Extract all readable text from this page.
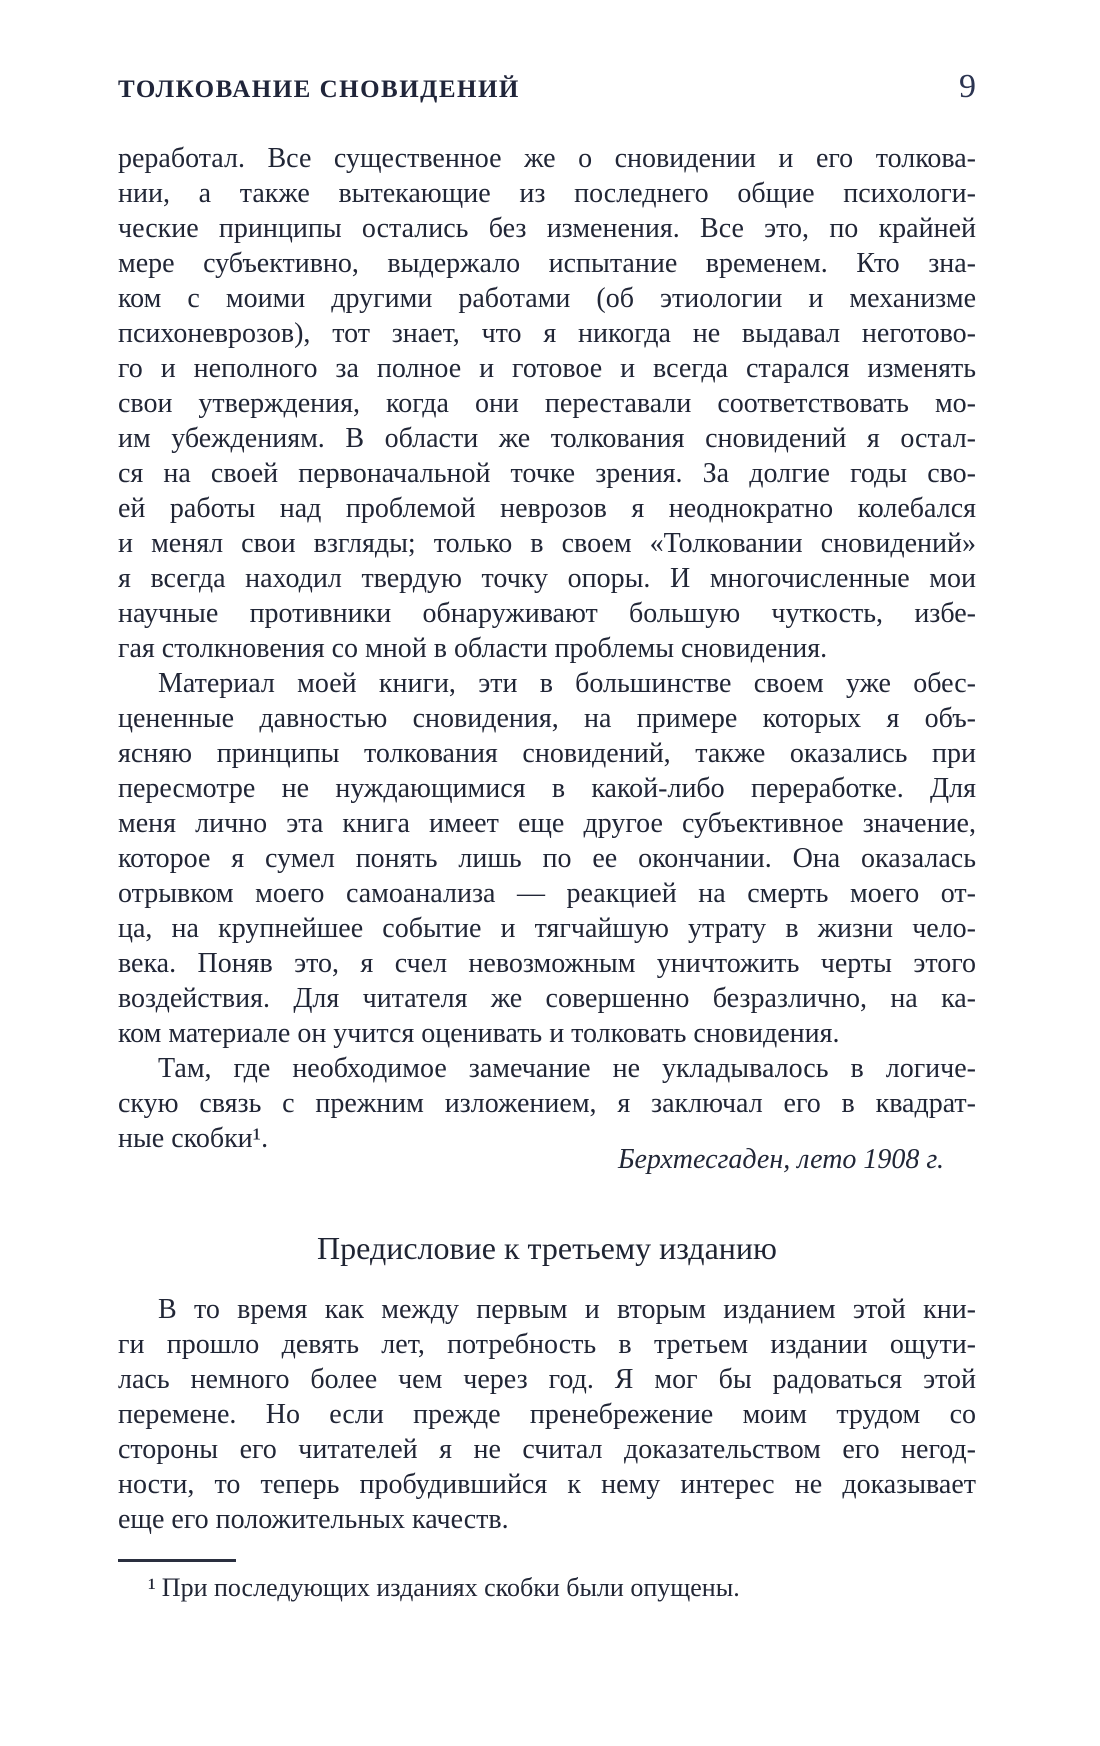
ТОЛКОВАНИЕ СНОВИДЕНИЙ	9
реработал. Все существенное же о сновидении и его толкова-
нии, а также вытекающие из последнего общие психологи-
ческие принципы остались без изменения. Все это, по крайней
мере субъективно, выдержало испытание временем. Кто зна-
ком с моими другими работами (об этиологии и механизме
психоневрозов), тот знает, что я никогда не выдавал неготово-
го и неполного за полное и готовое и всегда старался изменять
свои утверждения, когда они переставали соответствовать мо-
им убеждениям. В области же толкования сновидений я остал-
ся на своей первоначальной точке зрения. За долгие годы сво-
ей работы над проблемой неврозов я неоднократно колебался
и менял свои взгляды; только в своем «Толковании сновидений»
я всегда находил твердую точку опоры. И многочисленные мои
научные противники обнаруживают большую чуткость, избе-
гая столкновения со мной в области проблемы сновидения.
Материал моей книги, эти в большинстве своем уже обес-
цененные давностью сновидения, на примере которых я объ-
ясняю принципы толкования сновидений, также оказались при
пересмотре не нуждающимися в какой-либо переработке. Для
меня лично эта книга имеет еще другое субъективное значение,
которое я сумел понять лишь по ее окончании. Она оказалась
отрывком моего самоанализа — реакцией на смерть моего от-
ца, на крупнейшее событие и тягчайшую утрату в жизни чело-
века. Поняв это, я счел невозможным уничтожить черты этого
воздействия. Для читателя же совершенно безразлично, на ка-
ком материале он учится оценивать и толковать сновидения.
Там, где необходимое замечание не укладывалось в логиче-
скую связь с прежним изложением, я заключал его в квадрат-
ные скобки¹.
Берхтесгаден, лето 1908 г.
Предисловие к третьему изданию
В то время как между первым и вторым изданием этой кни-
ги прошло девять лет, потребность в третьем издании ощути-
лась немного более чем через год. Я мог бы радоваться этой
перемене. Но если прежде пренебрежение моим трудом со
стороны его читателей я не считал доказательством его негод-
ности, то теперь пробудившийся к нему интерес не доказывает
еще его положительных качеств.
¹ При последующих изданиях скобки были опущены.
